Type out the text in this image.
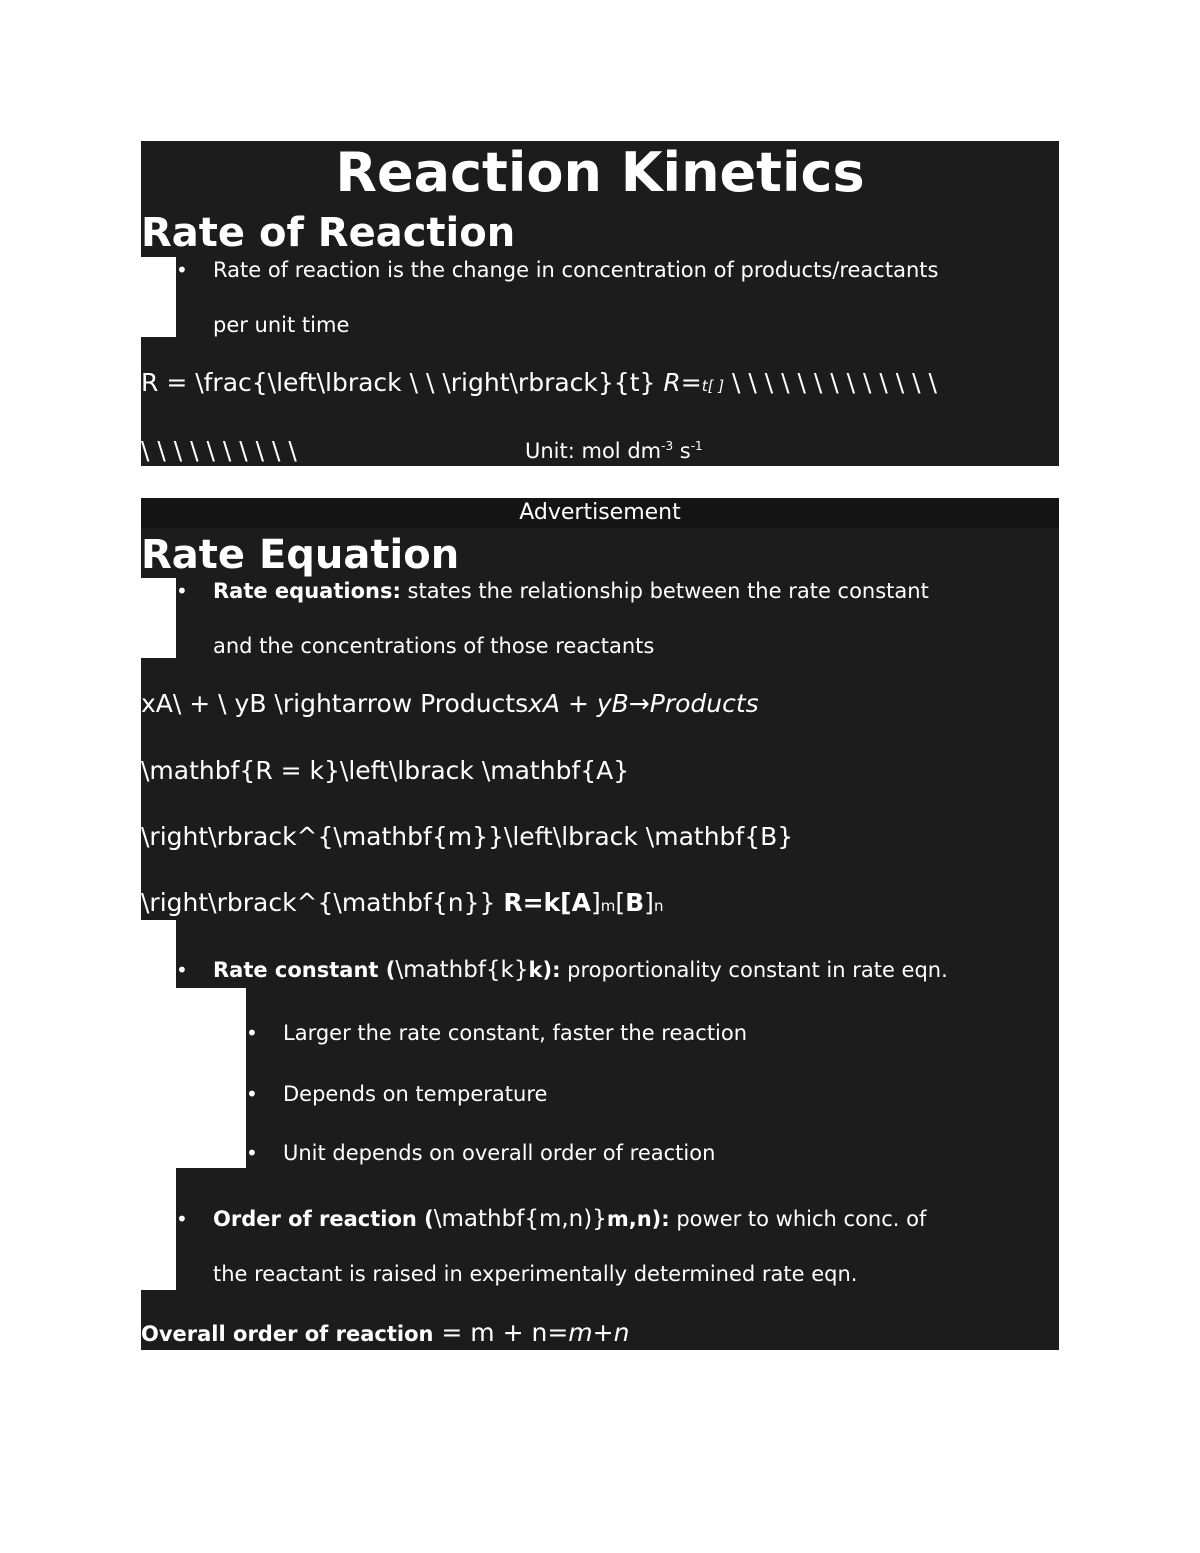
Reaction Kinetics
Rate of Reaction
• Rate of reaction is the change in concentration of products/reactants
per unit time
R = \frac{\left\lbrack \ \ \right\rbrack}{t} R=t[ ] \ \ \ \ \ \ \ \ \ \ \ \ \
\ \ \ \ \ \ \ \ \ \	Unit: mol $dm^{-3}$ $s^{-1}$
Advertisement
Rate Equation
• Rate equations: states the relationship between the rate constant
and the concentrations of those reactants
xA\ + \ yB \rightarrow ProductsxA + yB→Products
\mathbf{R = k}\left\lbrack \mathbf{A}
\right\rbrack^{\mathbf{m}}\left\lbrack \mathbf{B}
\right\rbrack^{\mathbf{n}} R=k[A]m[B]n
• Rate constant (\mathbf{k}k): proportionality constant in rate eqn.
• Larger the rate constant, faster the reaction
• Depends on temperature
• Unit depends on overall order of reaction
• Order of reaction (\mathbf{m,n)}m,n): power to which conc. of
the reactant is raised in experimentally determined rate eqn.
Overall order of reaction = m + n=m+n
